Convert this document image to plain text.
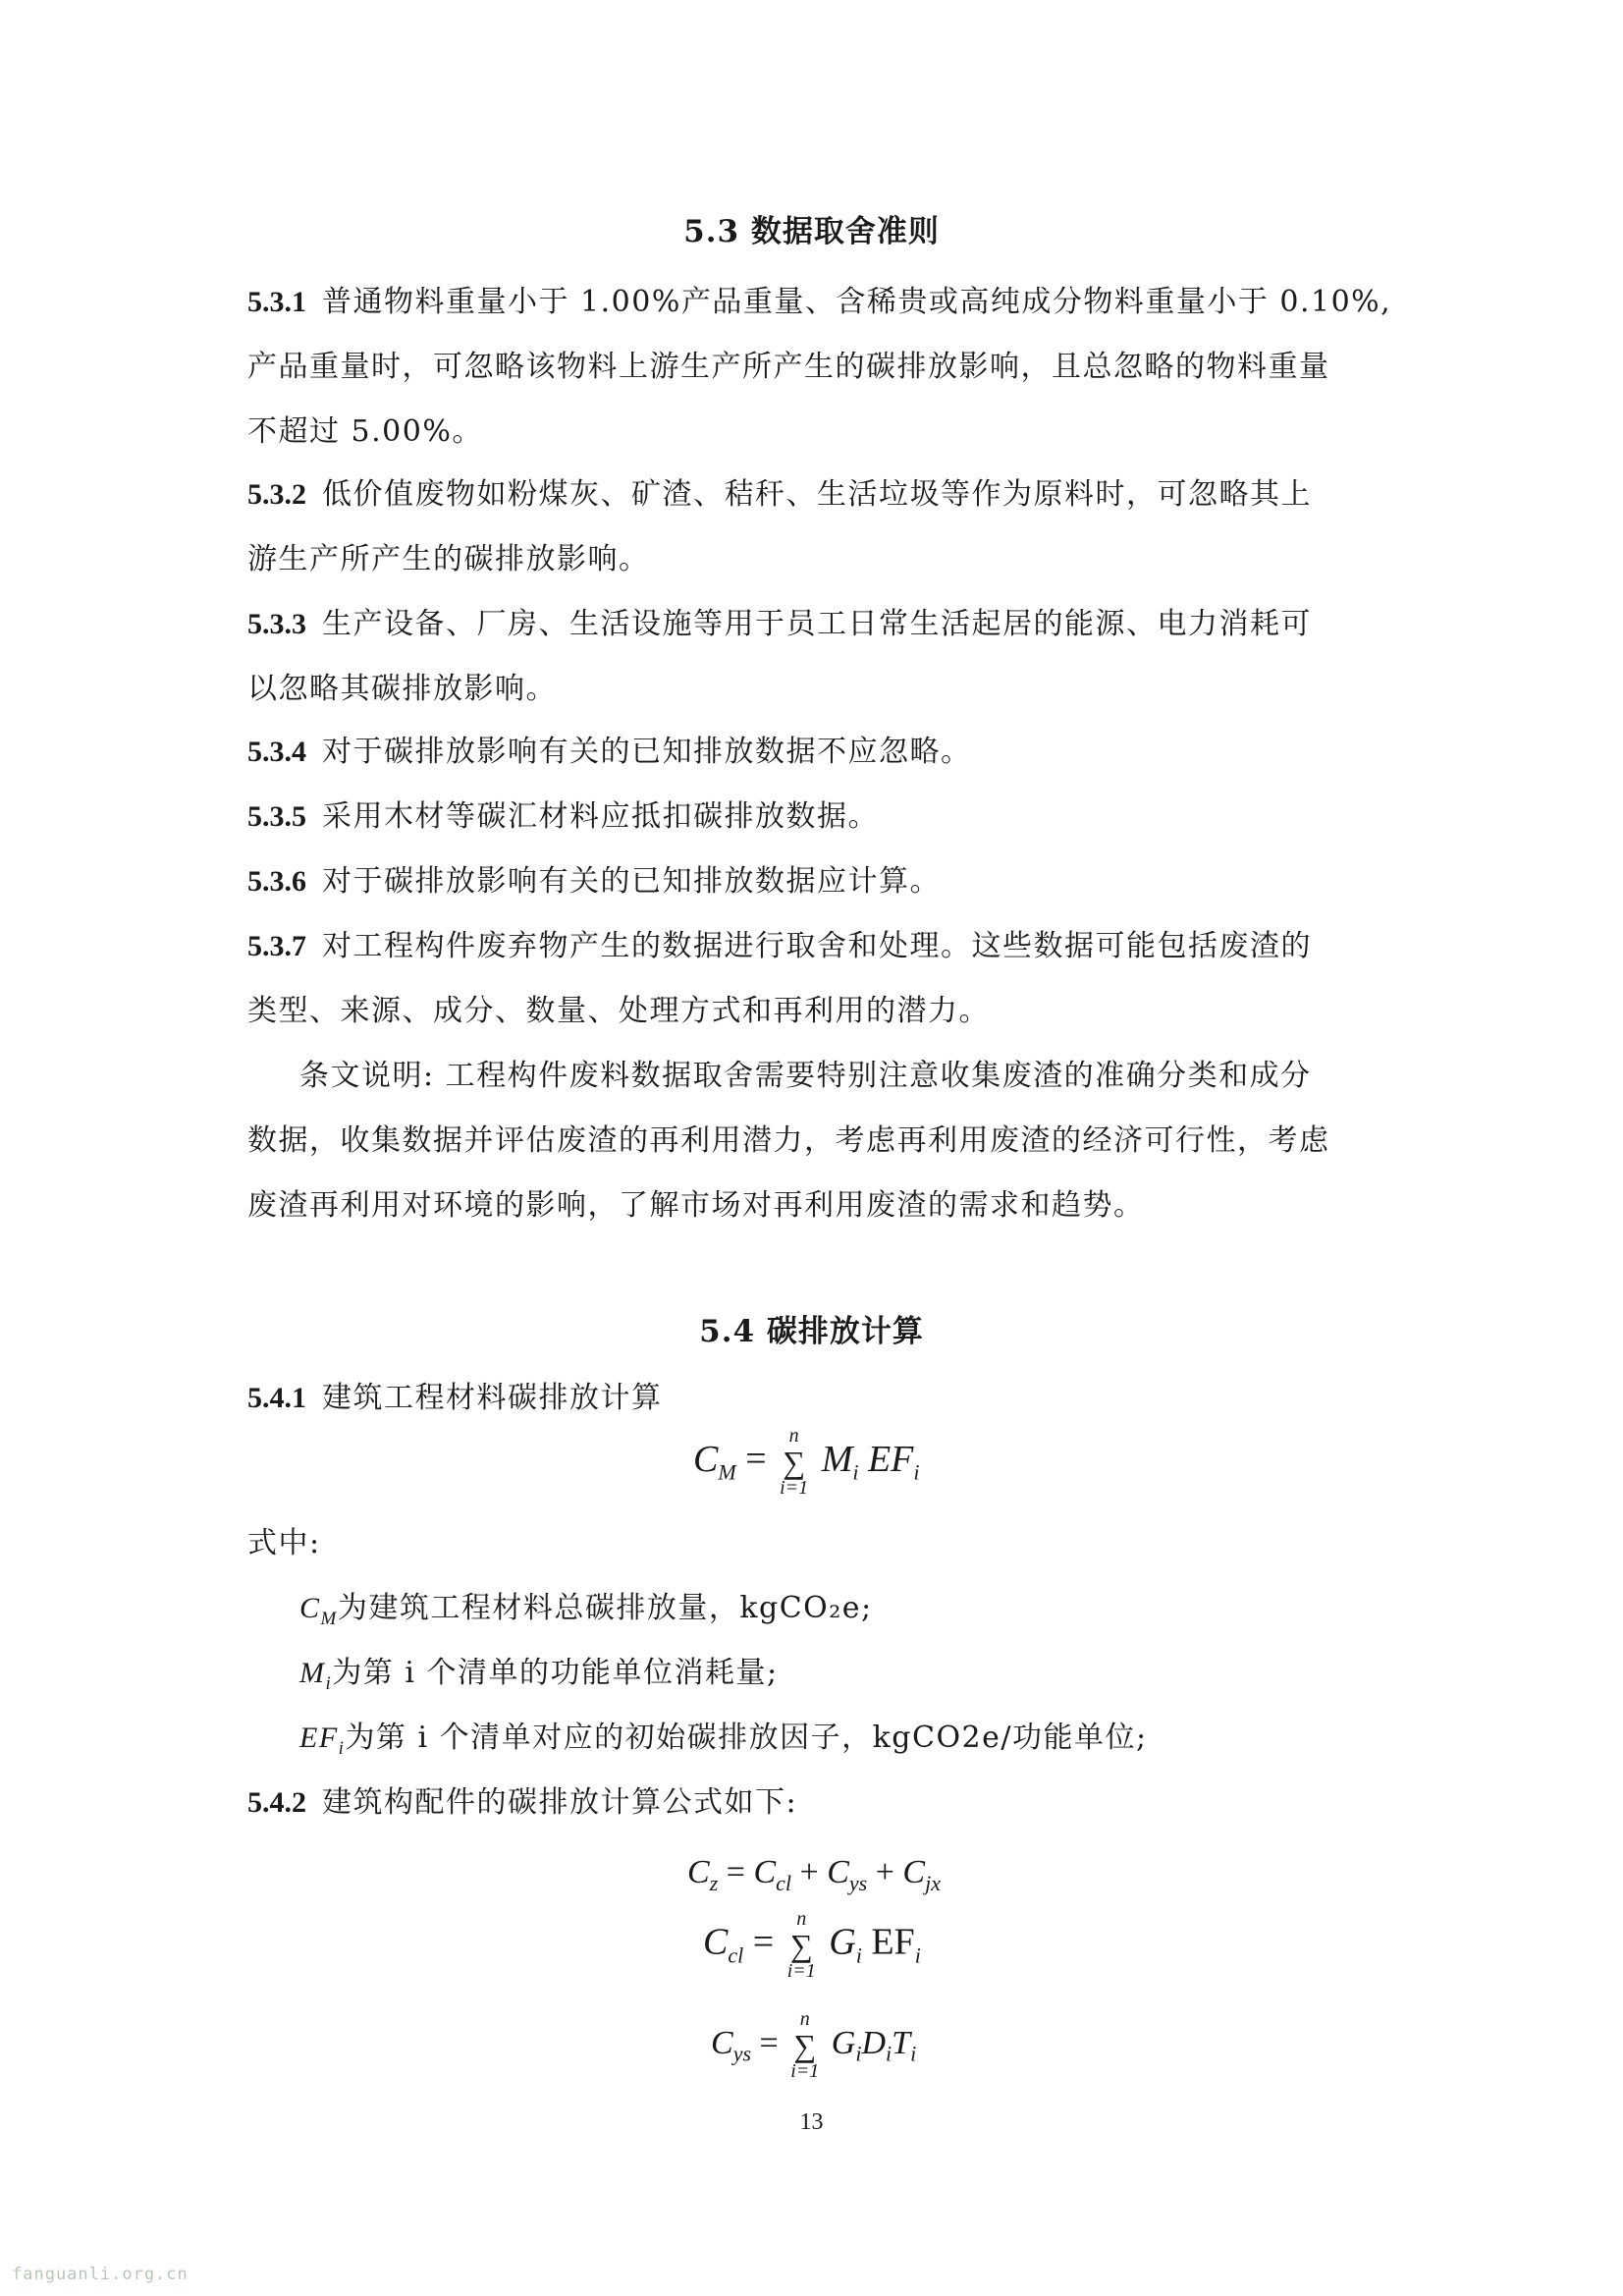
5.3 数据取舍准则
5.3.1 普通物料重量小于 1.00%产品重量、含稀贵或高纯成分物料重量小于 0.10%,
产品重量时，可忽略该物料上游生产所产生的碳排放影响，且总忽略的物料重量
不超过 5.00%。
5.3.2 低价值废物如粉煤灰、矿渣、秸秆、生活垃圾等作为原料时，可忽略其上
游生产所产生的碳排放影响。
5.3.3 生产设备、厂房、生活设施等用于员工日常生活起居的能源、电力消耗可
以忽略其碳排放影响。
5.3.4 对于碳排放影响有关的已知排放数据不应忽略。
5.3.5 采用木材等碳汇材料应抵扣碳排放数据。
5.3.6 对于碳排放影响有关的已知排放数据应计算。
5.3.7 对工程构件废弃物产生的数据进行取舍和处理。这些数据可能包括废渣的
类型、来源、成分、数量、处理方式和再利用的潜力。
条文说明: 工程构件废料数据取舍需要特别注意收集废渣的准确分类和成分
数据，收集数据并评估废渣的再利用潜力，考虑再利用废渣的经济可行性，考虑
废渣再利用对环境的影响，了解市场对再利用废渣的需求和趋势。
5.4 碳排放计算
5.4.1 建筑工程材料碳排放计算
$C_M$ =
n
∑
i=1
$M_i$ $EF_i$
式中:
$C_M$为建筑工程材料总碳排放量，kgCO₂e;
$M_i$为第 i 个清单的功能单位消耗量;
$EF_i$为第 i 个清单对应的初始碳排放因子，kgCO2e/功能单位;
5.4.2 建筑构配件的碳排放计算公式如下:
$C_z = C_{cl} + C_{ys} + C_{jx}$
$C_{cl}$ =
n
∑
i=1
$G_i$ $EF_i$
$C_{ys}$ =
n
∑
i=1
$G_iD_iT_i$
13
fanguanli.org.cn
